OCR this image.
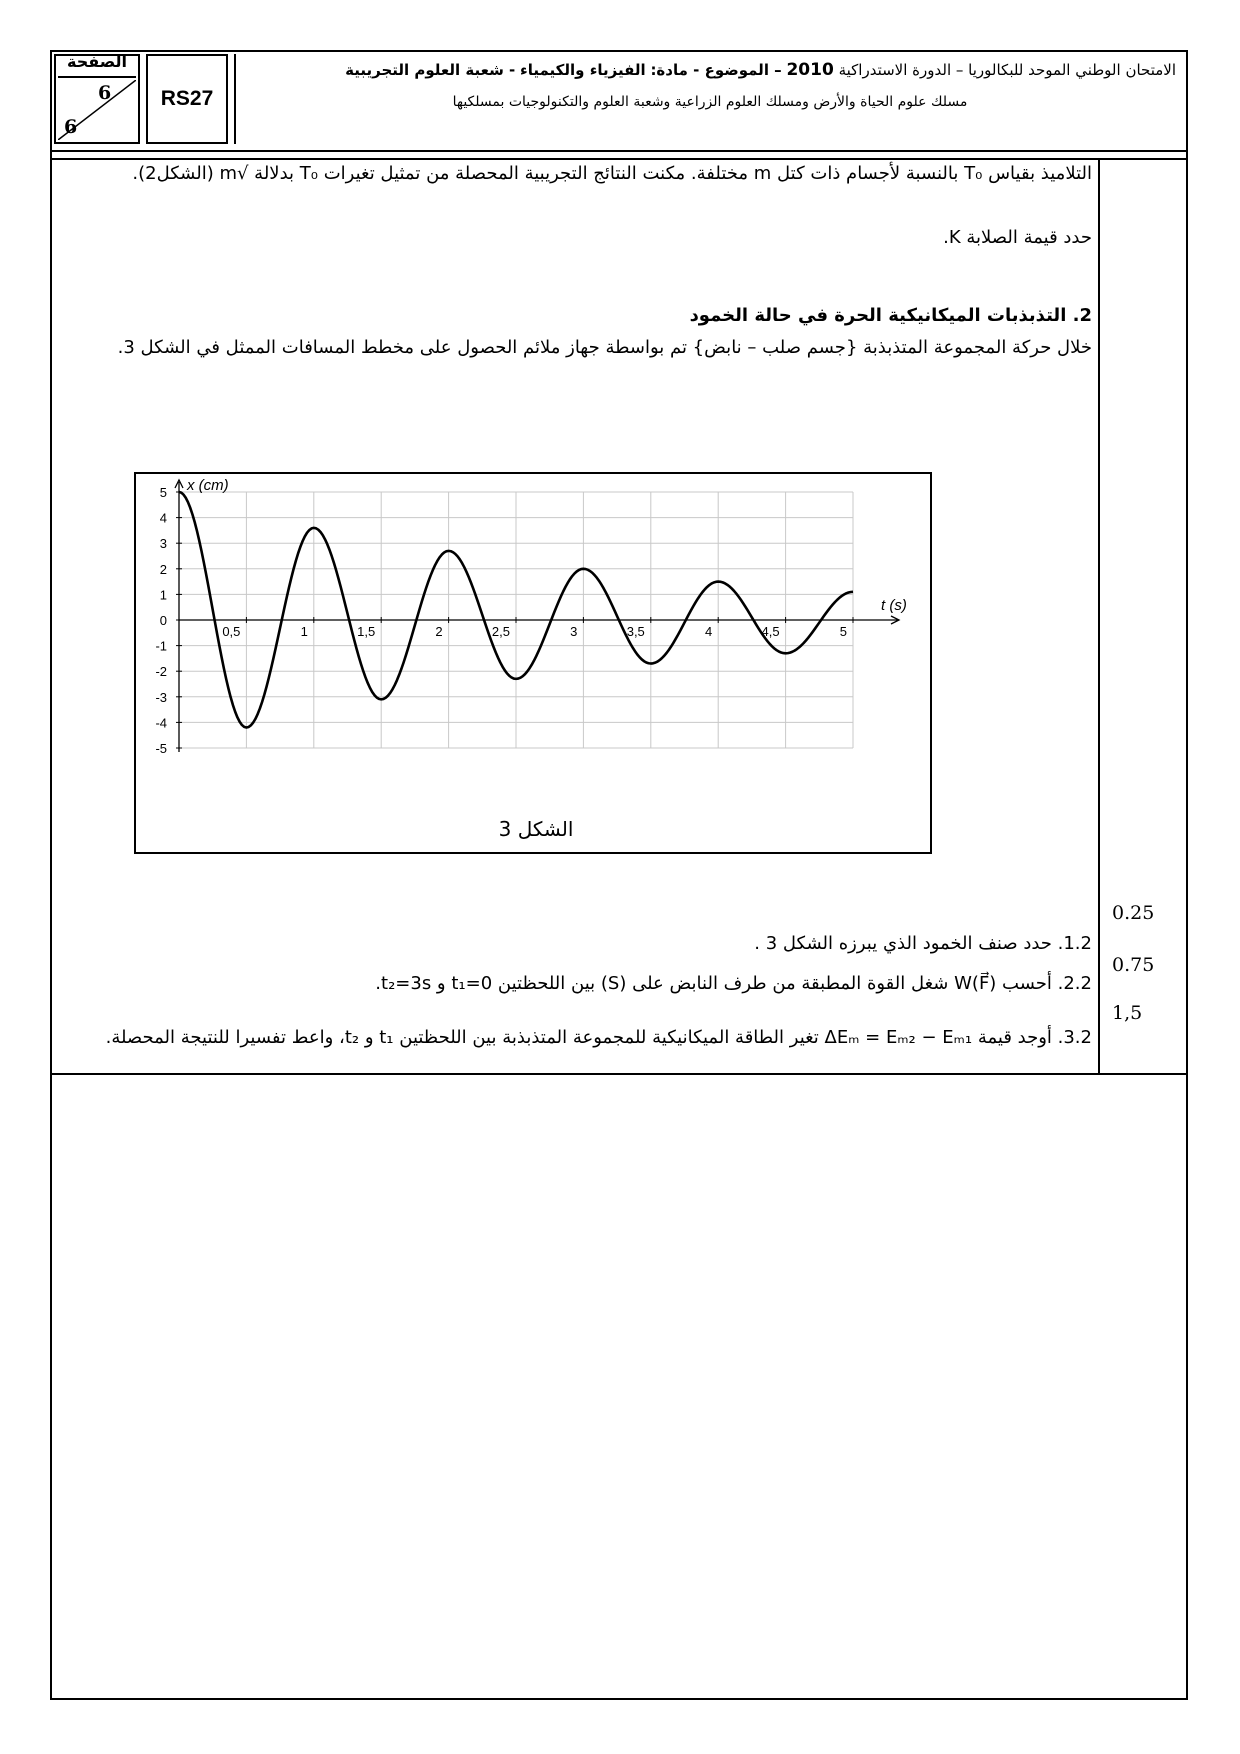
الصفحة
6
6
RS27
الامتحان الوطني الموحد للبكالوريا – الدورة الاستدراكية 2010 – الموضوع - مادة: الفيزياء والكيمياء - شعبة العلوم التجريبية
مسلك علوم الحياة والأرض ومسلك العلوم الزراعية وشعبة العلوم والتكنولوجيات بمسلكيها
التلاميذ بقياس T₀ بالنسبة لأجسام ذات كتل m مختلفة. مكنت النتائج التجريبية المحصلة من تمثيل تغيرات T₀ بدلالة √m (الشكل2).
حدد قيمة الصلابة K.
2. التذبذبات الميكانيكية الحرة في حالة الخمود
خلال حركة المجموعة المتذبذبة {جسم صلب – نابض} تم بواسطة جهاز ملائم الحصول على مخطط المسافات الممثل في الشكل 3.
0,5	1	1,5	2	2,5	3	3,5	4	4,5	5
5
4
3
2
1
0
-1
-2
-3
-4
-5
x (cm)
t (s)
الشكل 3
1.2. حدد صنف الخمود الذي يبرزه الشكل 3 .
2.2. أحسب W(F⃗) شغل القوة المطبقة من طرف النابض على (S) بين اللحظتين t₁=0 و t₂=3s.
3.2. أوجد قيمة ΔEₘ = Eₘ₂ − Eₘ₁ تغير الطاقة الميكانيكية للمجموعة المتذبذبة بين اللحظتين t₁ و t₂، واعط تفسيرا للنتيجة المحصلة.
0.25
0.75
1,5
